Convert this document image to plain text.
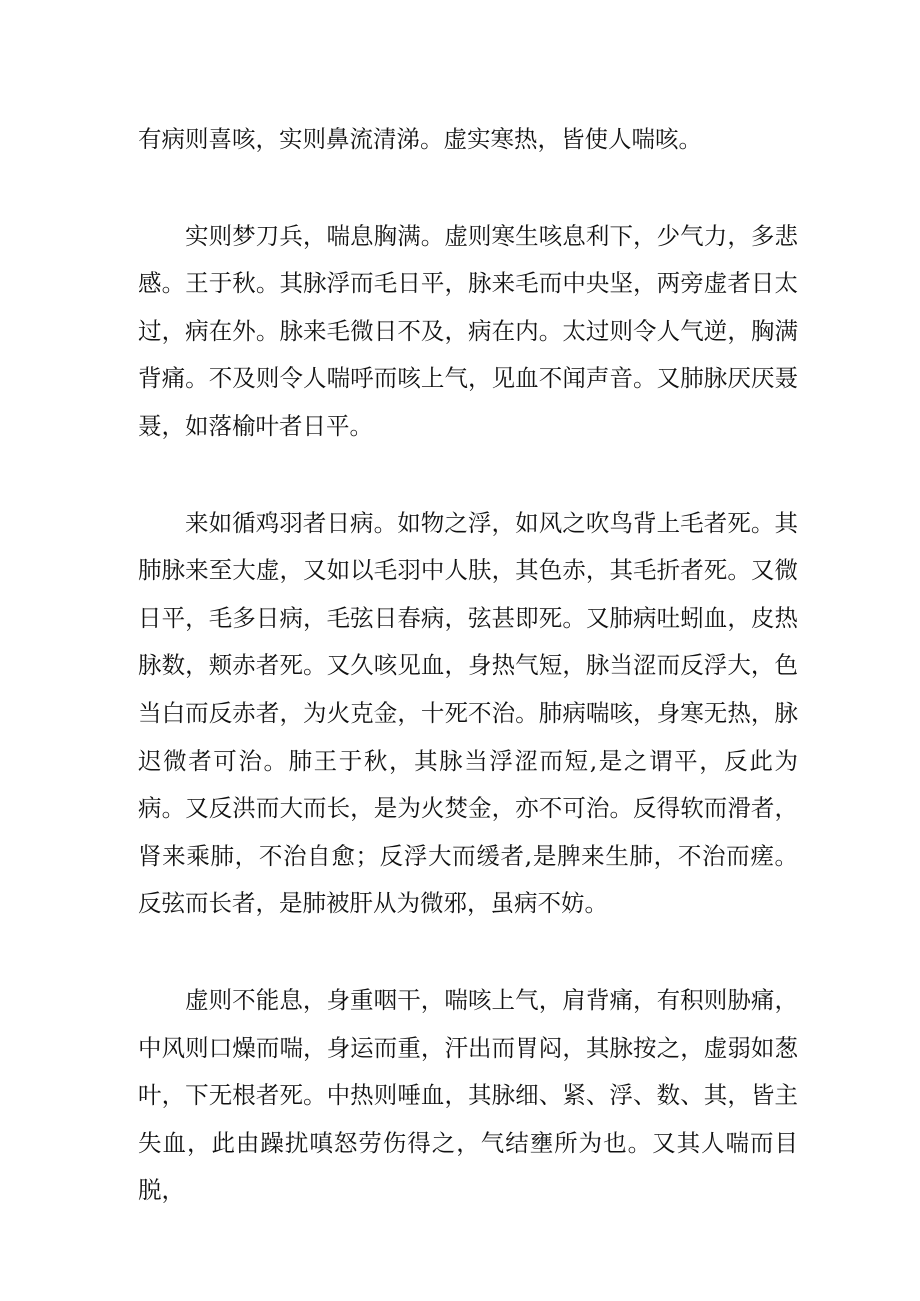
有病则喜咳，实则鼻流清涕。虚实寒热，皆使人喘咳。

实则梦刀兵，喘息胸满。虚则寒生咳息利下，少气力，多悲感。王于秋。其脉浮而毛日平，脉来毛而中央坚，两旁虚者日太过，病在外。脉来毛微日不及，病在内。太过则令人气逆，胸满背痛。不及则令人喘呼而咳上气，见血不闻声音。又肺脉厌厌聂聂，如落榆叶者日平。

来如循鸡羽者日病。如物之浮，如风之吹鸟背上毛者死。其肺脉来至大虚，又如以毛羽中人肤，其色赤，其毛折者死。又微日平，毛多日病，毛弦日春病，弦甚即死。又肺病吐蚓血，皮热脉数，颊赤者死。又久咳见血，身热气短，脉当涩而反浮大，色当白而反赤者，为火克金，十死不治。肺病喘咳，身寒无热，脉迟微者可治。肺王于秋，其脉当浮涩而短,是之谓平，反此为病。又反洪而大而长，是为火焚金，亦不可治。反得软而滑者，肾来乘肺，不治自愈；反浮大而缓者,是脾来生肺，不治而瘥。反弦而长者，是肺被肝从为微邪，虽病不妨。

虚则不能息，身重咽干，喘咳上气，肩背痛，有积则胁痛，中风则口燥而喘，身运而重，汗出而胃闷，其脉按之，虚弱如葱叶，下无根者死。中热则唾血，其脉细、紧、浮、数、其，皆主失血，此由躁扰嗔怒劳伤得之，气结壅所为也。又其人喘而目脱，
